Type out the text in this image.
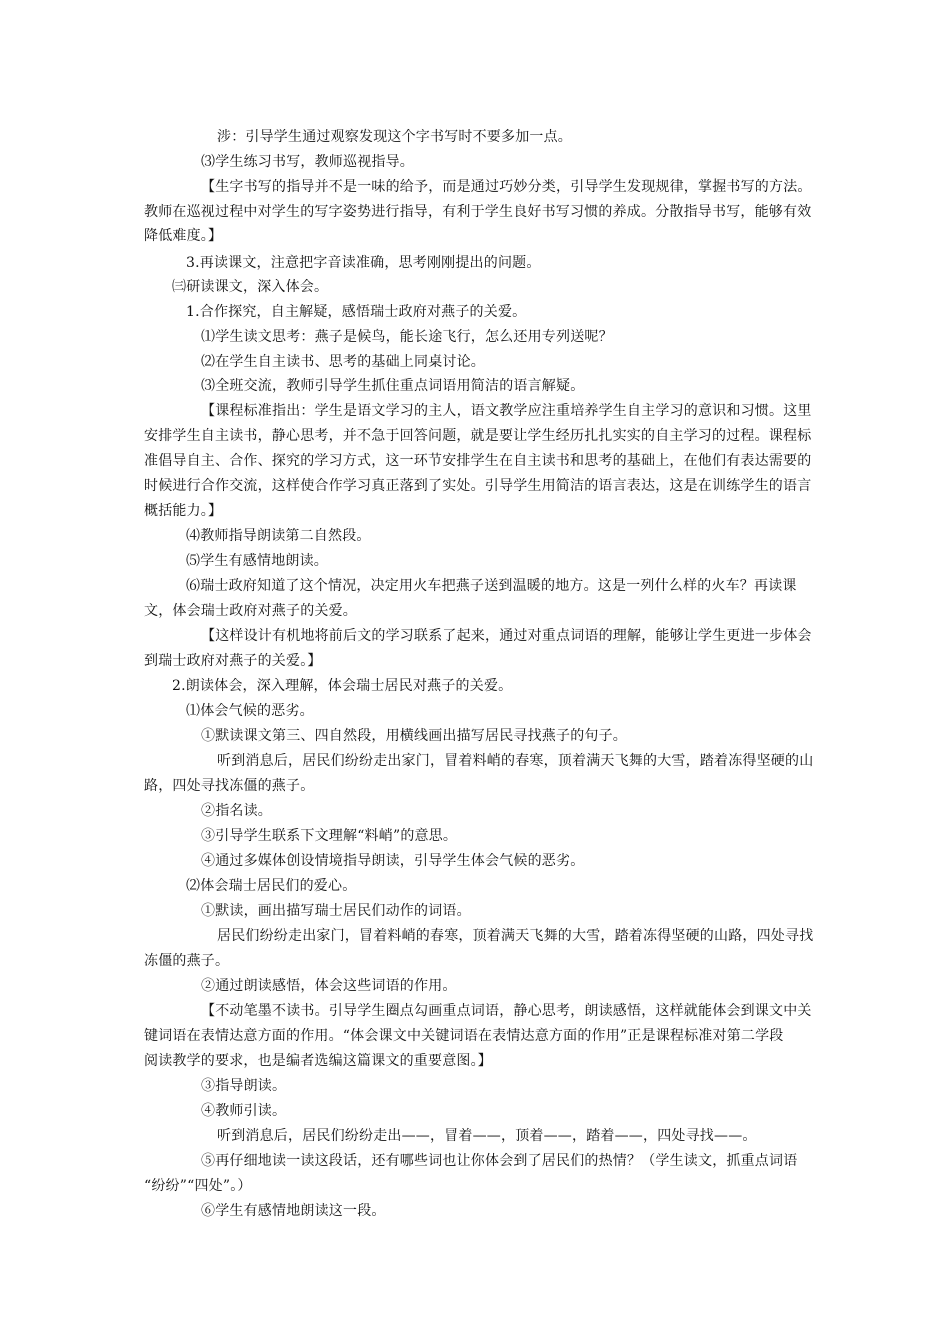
涉：引导学生通过观察发现这个字书写时不要多加一点。
⑶学生练习书写，教师巡视指导。
【生字书写的指导并不是一味的给予，而是通过巧妙分类，引导学生发现规律，掌握书写的方法。
教师在巡视过程中对学生的写字姿势进行指导，有利于学生良好书写习惯的养成。分散指导书写，能够有效
降低难度。】
3.再读课文，注意把字音读准确，思考刚刚提出的问题。
㈢研读课文，深入体会。
1.合作探究，自主解疑，感悟瑞士政府对燕子的关爱。
⑴学生读文思考：燕子是候鸟，能长途飞行，怎么还用专列送呢？
⑵在学生自主读书、思考的基础上同桌讨论。
⑶全班交流，教师引导学生抓住重点词语用简洁的语言解疑。
【课程标准指出：学生是语文学习的主人，语文教学应注重培养学生自主学习的意识和习惯。这里
安排学生自主读书，静心思考，并不急于回答问题，就是要让学生经历扎扎实实的自主学习的过程。课程标
准倡导自主、合作、探究的学习方式，这一环节安排学生在自主读书和思考的基础上，在他们有表达需要的
时候进行合作交流，这样使合作学习真正落到了实处。引导学生用简洁的语言表达，这是在训练学生的语言
概括能力。】
⑷教师指导朗读第二自然段。
⑸学生有感情地朗读。
⑹瑞士政府知道了这个情况，决定用火车把燕子送到温暖的地方。这是一列什么样的火车？再读课
文，体会瑞士政府对燕子的关爱。
【这样设计有机地将前后文的学习联系了起来，通过对重点词语的理解，能够让学生更进一步体会
到瑞士政府对燕子的关爱。】
2.朗读体会，深入理解，体会瑞士居民对燕子的关爱。
⑴体会气候的恶劣。
①默读课文第三、四自然段，用横线画出描写居民寻找燕子的句子。
听到消息后，居民们纷纷走出家门，冒着料峭的春寒，顶着满天飞舞的大雪，踏着冻得坚硬的山
路，四处寻找冻僵的燕子。
②指名读。
③引导学生联系下文理解“料峭”的意思。
④通过多媒体创设情境指导朗读，引导学生体会气候的恶劣。
⑵体会瑞士居民们的爱心。
①默读，画出描写瑞士居民们动作的词语。
居民们纷纷走出家门，冒着料峭的春寒，顶着满天飞舞的大雪，踏着冻得坚硬的山路，四处寻找
冻僵的燕子。
②通过朗读感悟，体会这些词语的作用。
【不动笔墨不读书。引导学生圈点勾画重点词语，静心思考，朗读感悟，这样就能体会到课文中关
键词语在表情达意方面的作用。“体会课文中关键词语在表情达意方面的作用”正是课程标准对第二学段
阅读教学的要求，也是编者选编这篇课文的重要意图。】
③指导朗读。
④教师引读。
听到消息后，居民们纷纷走出——，冒着——，顶着——，踏着——，四处寻找——。
⑤再仔细地读一读这段话，还有哪些词也让你体会到了居民们的热情？（学生读文，抓重点词语
“纷纷”“四处”。）
⑥学生有感情地朗读这一段。
